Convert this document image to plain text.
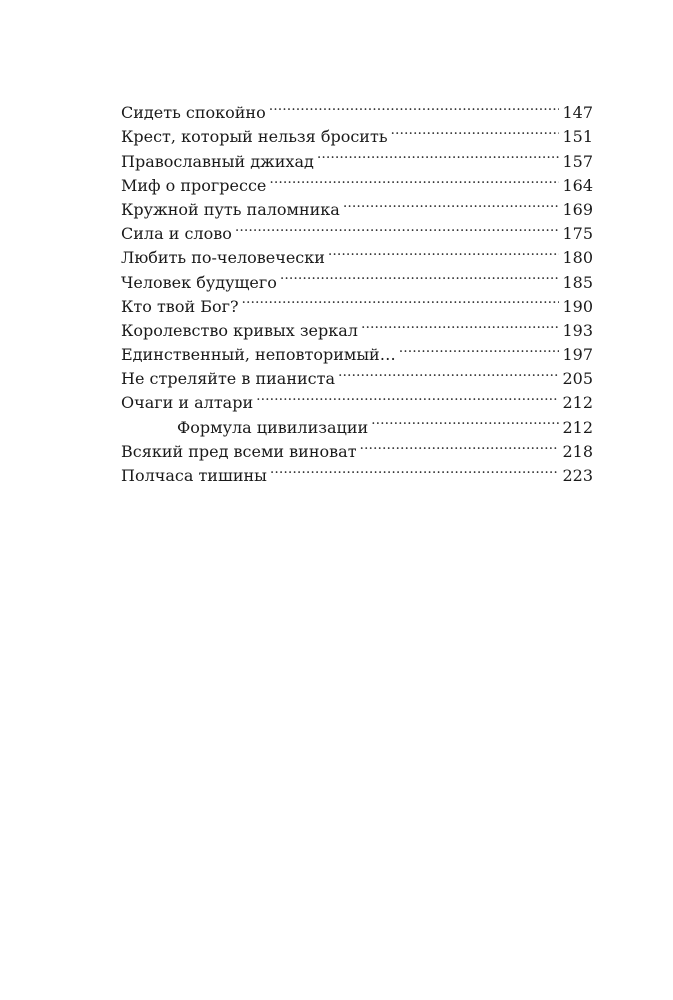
Сидеть спокойно . . .	147
Крест, который нельзя бросить . . .	151
Православный джихад . . .	157
Миф о прогрессе . . .	164
Кружной путь паломника . . .	169
Сила и слово . . .	175
Любить по-человечески . . .	180
Человек будущего . . .	185
Кто твой Бог? . . .	190
Королевство кривых зеркал . . .	193
Единственный, неповторимый… . . .	197
Не стреляйте в пианиста . . .	205
Очаги и алтари . . .	212
Формула цивилизации . . .	212
Всякий пред всеми виноват . . .	218
Полчаса тишины . . .	223
